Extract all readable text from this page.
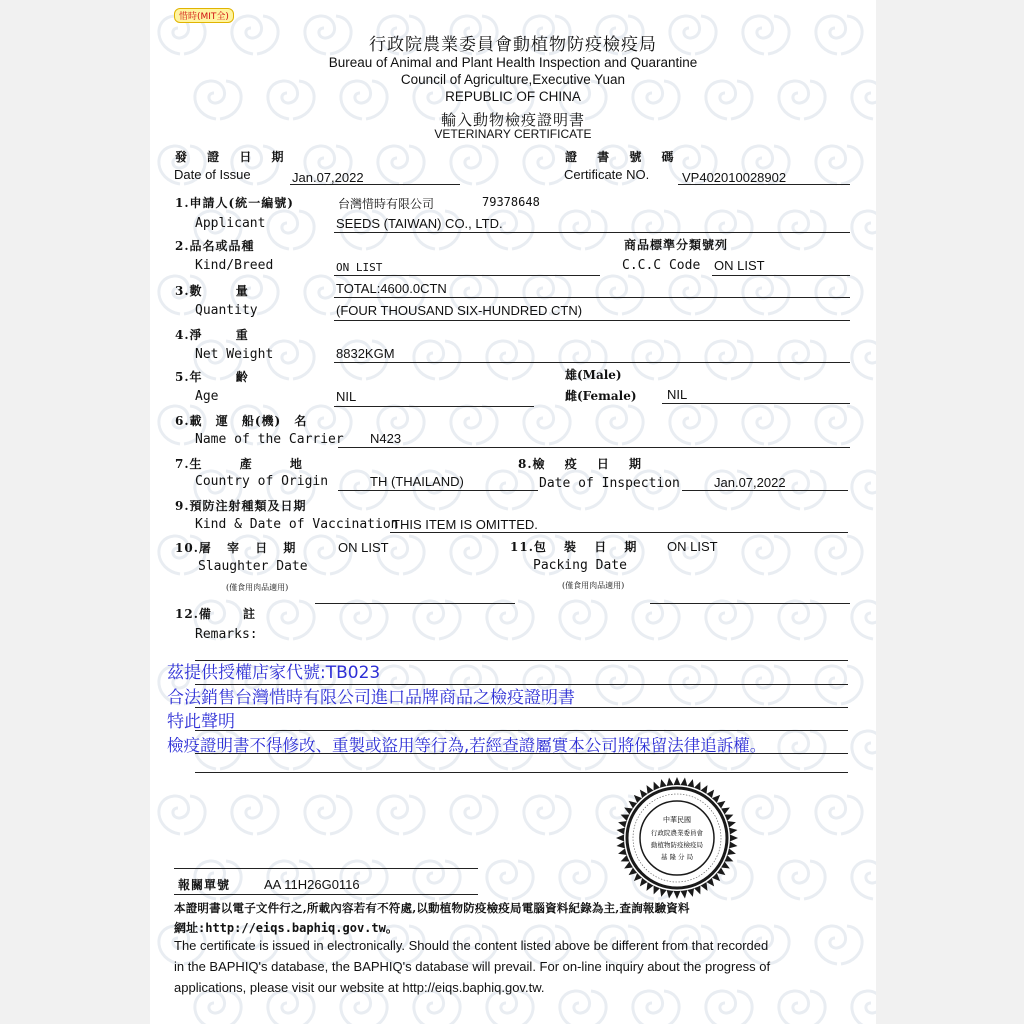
惜時(MIT全)
行政院農業委員會動植物防疫檢疫局
Bureau of Animal and Plant Health Inspection and Quarantine
Council of Agriculture,Executive Yuan
REPUBLIC OF CHINA
輸入動物檢疫證明書
VETERINARY CERTIFICATE
發 證 日 期
Date of Issue	Jan.07,2022
證 書 號 碼
Certificate NO.	VP402010028902
1.申請人(統一編號)	台灣惜時有限公司	79378648
Applicant	SEEDS (TAIWAN) CO., LTD.
2.品名或品種	商品標準分類號列
Kind/Breed	ON LIST	C.C.C Code ON LIST
3.數 量	TOTAL:4600.0CTN
Quantity	(FOUR THOUSAND SIX-HUNDRED CTN)
4.淨 重
Net Weight	8832KGM
5.年 齡	雄(Male)
Age	NIL	雌(Female) NIL
6.載 運 船(機) 名
Name of the Carrier N423
7.生 產 地	8.檢 疫 日 期
Country of Origin	TH (THAILAND)	Date of Inspection	Jan.07,2022
9.預防注射種類及日期
Kind & Date of Vaccination
THIS ITEM IS OMITTED.
10.屠 宰 日 期	ON LIST
Slaughter Date
(僅食用肉品適用)
11.包 裝 日 期 ON LIST
Packing Date
(僅食用肉品適用)
12.備 註
Remarks:
茲提供授權店家代號:TB023
合法銷售台灣惜時有限公司進口品牌商品之檢疫證明書
特此聲明
中華民國
行政院農業委員會
動植物防疫檢疫局
基 隆 分 局
報關單號	AA 11H26G0116
本證明書以電子文件行之,所載內容若有不符處,以動植物防疫檢疫局電腦資料紀錄為主,查詢報驗資料
網址:http://eiqs.baphiq.gov.tw。
The certificate is issued in electronically. Should the content listed above be different from that recorded
in the BAPHIQ's database, the BAPHIQ's database will prevail. For on-line inquiry about the progress of
applications, please visit our website at http://eiqs.baphiq.gov.tw.
檢疫證明書不得修改、重製或盜用等行為,若經查證屬實本公司將保留法律追訴權。
